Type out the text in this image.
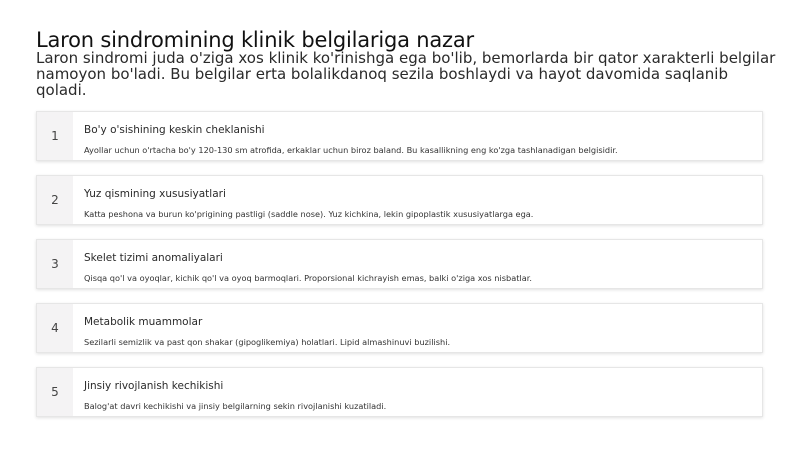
Laron sindromining klinik belgilariga nazar
Laron sindromi juda o'ziga xos klinik ko'rinishga ega bo'lib, bemorlarda bir qator xarakterli belgilar namoyon bo'ladi. Bu belgilar erta bolalikdanoq sezila boshlaydi va hayot davomida saqlanib qoladi.
1	Bo'y o'sishining keskin cheklanishi
Ayollar uchun o'rtacha bo'y 120-130 sm atrofida, erkaklar uchun biroz baland. Bu kasallikning eng ko'zga tashlanadigan belgisidir.
2	Yuz qismining xususiyatlari
Katta peshona va burun ko'prigining pastligi (saddle nose). Yuz kichkina, lekin gipoplastik xususiyatlarga ega.
3	Skelet tizimi anomaliyalari
Qisqa qo'l va oyoqlar, kichik qo'l va oyoq barmoqlari. Proporsional kichrayish emas, balki o'ziga xos nisbatlar.
4	Metabolik muammolar
Sezilarli semizlik va past qon shakar (gipoglikemiya) holatlari. Lipid almashinuvi buzilishi.
5	Jinsiy rivojlanish kechikishi
Balog'at davri kechikishi va jinsiy belgilarning sekin rivojlanishi kuzatiladi.
